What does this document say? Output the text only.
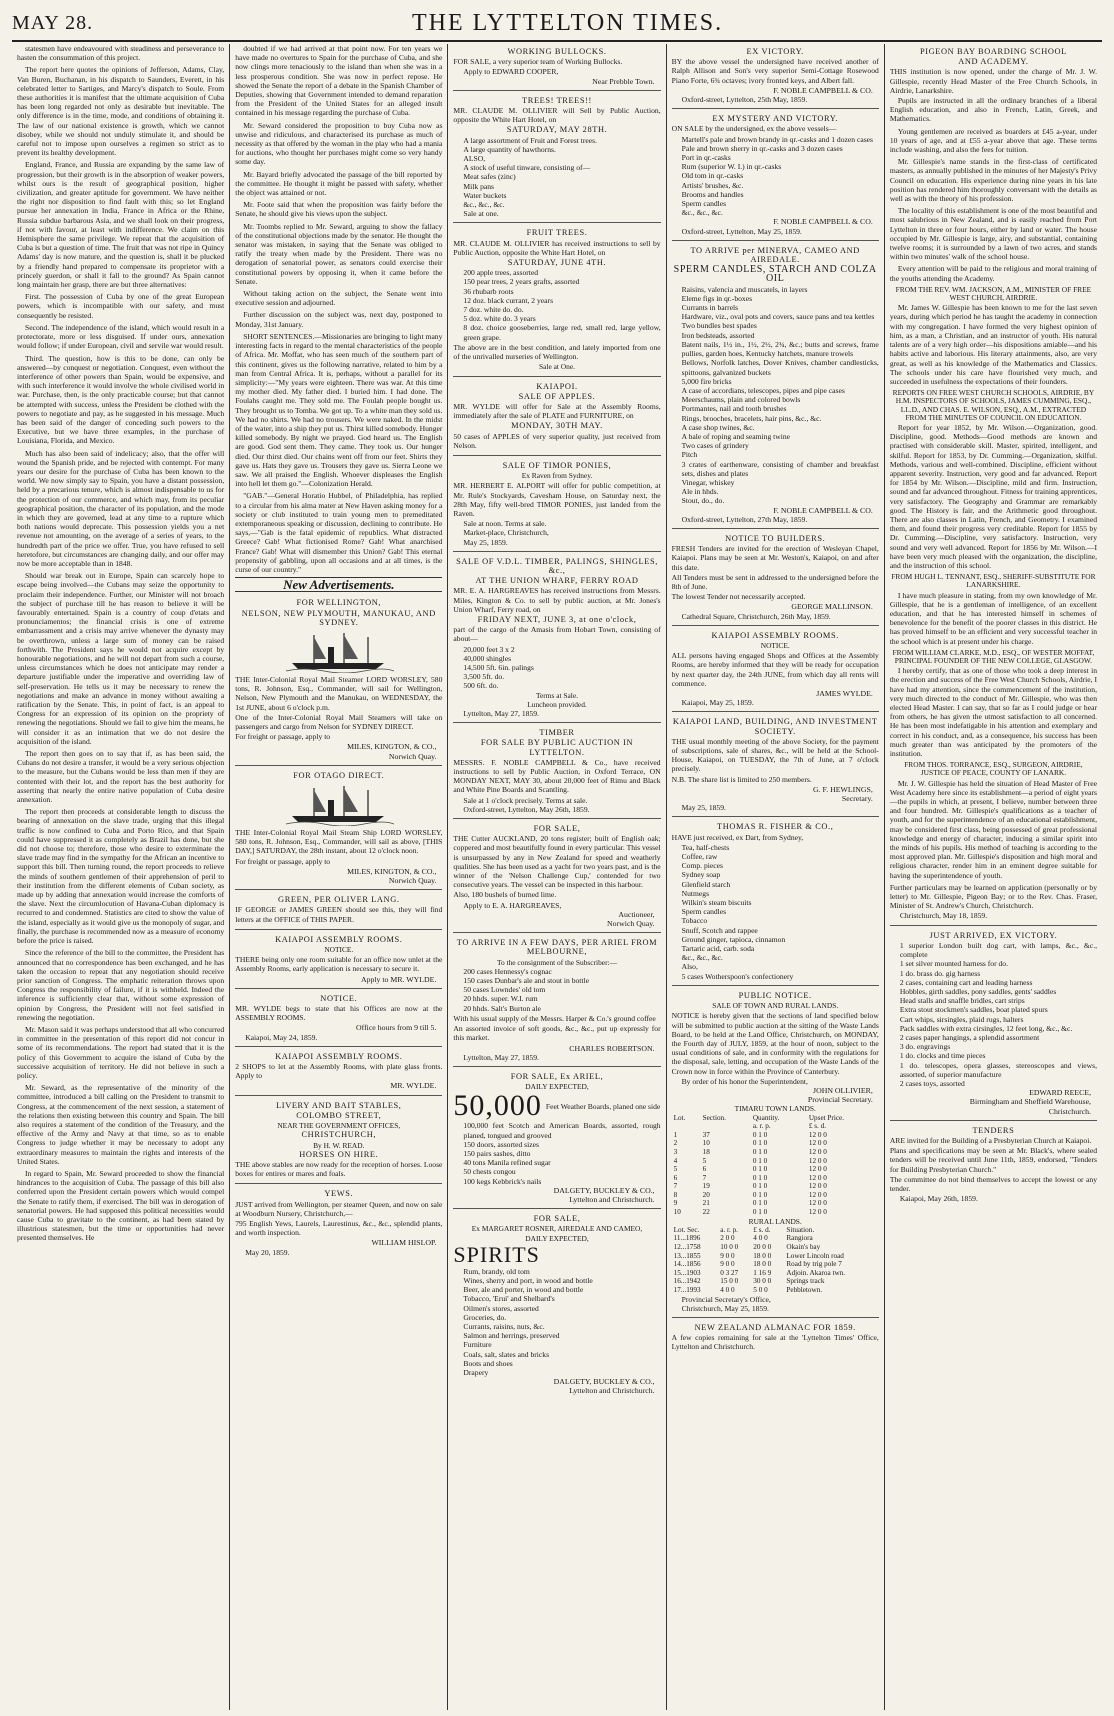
MAY 28.	THE LYTTELTON TIMES.

statesmen have endeavoured with steadiness and perseverance to hasten the consummation of this project.

The report here quotes the opinions of Jefferson, Adams, Clay, Van Buren, Buchanan, in his dispatch to Saunders, Everett, in his celebrated letter to Sartiges, and Marcy's dispatch to Soule. From these authorities it is manifest that the ultimate acquisition of Cuba has been long regarded not only as desirable but inevitable. The only difference is in the time, mode, and conditions of obtaining it. The law of our national existence is growth, which we cannot disobey, while we should not unduly stimulate it, and should be careful not to impose upon ourselves a regimen so strict as to prevent its healthy development.

England, France, and Russia are expanding by the same law of progression, but their growth is in the absorption of weaker powers, whilst ours is the result of geographical position, higher civilization, and greater aptitude for government. We have neither the right nor disposition to find fault with this; so let England pursue her annexation in India, France in Africa or the Rhine, Russia subdue barbarous Asia, and we shall look on their progress, if not with favour, at least with indifference. We claim on this Hemisphere the same privilege. We repeat that the acquisition of Cuba is but a question of time. The fruit that was not ripe in Quincy Adams' day is now mature, and the question is, shall it be plucked by a friendly hand prepared to compensate its proprietor with a princely guerdon, or shall it fall to the ground? As Spain cannot long maintain her grasp, there are but three alternatives:

First. The possession of Cuba by one of the great European powers, which is incompatible with our safety, and must consequently be resisted.

Second. The independence of the island, which would result in a protectorate, more or less disguised. If under ours, annexation would follow; if under European, civil and servile war would result.

Third. The question, how is this to be done, can only be answered—by conquest or negotiation. Conquest, even without the interference of other powers than Spain, would be expensive, and with such interference it would involve the whole civilised world in war. Purchase, then, is the only practicable course; but that cannot be attempted with success, unless the President be clothed with the powers to negotiate and pay, as he suggested in his message. Much has been said of the danger of conceding such powers to the Executive, but we have three examples, in the purchase of Louisiana, Florida, and Mexico.

Much has also been said of indelicacy; also, that the offer will wound the Spanish pride, and be rejected with contempt. For many years our desire for the purchase of Cuba has been known to the world. We now simply say to Spain, you have a distant possession, held by a precarious tenure, which is almost indispensable to us for the protection of our commerce, and which may, from its peculiar geographical position, the character of its population, and the mode in which they are governed, lead at any time to a rupture which both nations would deprecate. This possession yields you a net revenue not amounting, on the average of a series of years, to the hundredth part of the price we offer. True, you have refused to sell heretofore, but circumstances are changing daily, and our offer may now be more acceptable than in 1848.

Should war break out in Europe, Spain can scarcely hope to escape being involved—the Cubans may seize the opportunity to proclaim their independence. Further, our Minister will not broach the subject of purchase till he has reason to believe it will be favourably entertained. Spain is a country of coup d'etats and pronunciamentos; the financial crisis is one of extreme embarrassment and a crisis may arrive whenever the dynasty may be overthrown, unless a large sum of money can be raised forthwith. The President says he would not acquire except by honourable negotiations, and he will not depart from such a course, unless circumstances which he does not anticipate may render a departure justifiable under the imperative and overriding law of self-preservation. He tells us it may be necessary to renew the negotiations and make an advance in money without awaiting a ratification by the Senate. This, in point of fact, is an appeal to Congress for an expression of its opinion on the propriety of renewing the negotiations. Should we fail to give him the means, he will consider it as an intimation that we do not desire the acquisition of the island.

The report then goes on to say that if, as has been said, the Cubans do not desire a transfer, it would be a very serious objection to the measure, but the Cubans would be less than men if they are contented with their lot, and the report has the best authority for asserting that nearly the entire native population of Cuba desire annexation.

The report then proceeds at considerable length to discuss the bearing of annexation on the slave trade, urging that this illegal traffic is now confined to Cuba and Porto Rico, and that Spain could have suppressed it as completely as Brazil has done, but she did not choose to; therefore, those who desire to exterminate the slave trade may find in the sympathy for the African an incentive to support this bill. Then turning round, the report proceeds to relieve the minds of southern gentlemen of their apprehension of peril to their institution from the different elements of Cuban society, as made up by adding that annexation would increase the comforts of the slave. Next the circumlocution of Havana-Cuban diplomacy is recurred to and condemned. Statistics are cited to show the value of the island, especially as it would give us the monopoly of sugar, and finally, the purchase is recommended now as a measure of economy before the price is raised.

Since the reference of the bill to the committee, the President has announced that no correspondence has been exchanged, and he has taken the occasion to repeat that any negotiation should receive prior sanction of Congress. The emphatic reiteration throws upon Congress the responsibility of failure, if it is withheld. Indeed the inference is sufficiently clear that, without some expression of opinion by Congress, the President will not feel satisfied in renewing the negotiation.

Mr. Mason said it was perhaps understood that all who concurred in committee in the presentation of this report did not concur in some of its recommendations. The report had stated that it is the policy of this Government to acquire the island of Cuba by the successive acquisition of territory. He did not believe in such a policy.

Mr. Seward, as the representative of the minority of the committee, introduced a bill calling on the President to transmit to Congress, at the commencement of the next session, a statement of the relations then existing between this country and Spain. The bill also requires a statement of the condition of the Treasury, and the effective of the Army and Navy at that time, so as to enable Congress to judge whether it may be necessary to adopt any extraordinary measures to maintain the rights and interests of the United States.

In regard to Spain, Mr. Seward proceeded to show the financial hindrances to the acquisition of Cuba. The passage of this bill also conferred upon the President certain powers which would compel the Senate to ratify them, if exercised. The bill was in derogation of senatorial powers. He had supposed this political necessities would cause Cuba to gravitate to the continent, as had been stated by illustrious statesmen, but the time or opportunities had never presented themselves. He

doubted if we had arrived at that point now. For ten years we have made no overtures to Spain for the purchase of Cuba, and she now clings more tenaciously to the island than when she was in a less prosperous condition. She was now in perfect repose. He showed the Senate the report of a debate in the Spanish Chamber of Deputies, showing that Government intended to demand reparation from the President of the United States for an alleged insult contained in his message regarding the purchase of Cuba.

Mr. Seward considered the proposition to buy Cuba now as unwise and ridiculous, and characterised its purchase as much of necessity as that offered by the woman in the play who had a mania for auctions, who thought her purchases might come so very handy some day.

Mr. Bayard briefly advocated the passage of the bill reported by the committee. He thought it might be passed with safety, whether the object was attained or not.

Mr. Foote said that when the proposition was fairly before the Senate, he should give his views upon the subject.

Mr. Toombs replied to Mr. Seward, arguing to show the fallacy of the constitutional objections made by the senator. He thought the senator was mistaken, in saying that the Senate was obliged to ratify the treaty when made by the President. There was no derogation of senatorial power, as senators could exercise their constitutional powers by opposing it, when it came before the Senate.

Without taking action on the subject, the Senate went into executive session and adjourned.

Further discussion on the subject was, next day, postponed to Monday, 31st January.

SHORT SENTENCES.—Missionaries are bringing to light many interesting facts in regard to the mental characteristics of the people of Africa. Mr. Moffat, who has seen much of the southern part of this continent, gives us the following narrative, related to him by a man from Central Africa. It is, perhaps, without a parallel for its simplicity:—"My years were eighteen. There was war. At this time my mother died. My father died. I buried him. I had done. The Foulahs caught me. They sold me. The Foulah people bought us. They brought us to Tomba. We got up. To a white man they sold us. We had no shirts. We had no trousers. We were naked. In the midst of the water, into a ship they put us. Thirst killed somebody. Hunger killed somebody. By night we prayed. God heard us. The English are good. God sent them. They came. They took us. Our hunger died. Our thirst died. Our chains went off from our feet. Shirts they gave us. Hats they gave us. Trousers they gave us. Sierra Leone we saw. We all praised the English. Whoever displeases the English into hell let them go."—Colonization Herald.

"GAB."—General Horatio Hubbel, of Philadelphia, has replied to a circular from his alma mater at New Haven asking money for a society or club instituted to train young men to premeditated extemporaneous speaking or discussion, declining to contribute. He says,—"Gab is the fatal epidemic of republics. What distracted Greece? Gab! What fictionised Rome? Gab! What anarchised France? Gab! What will dismember this Union? Gab! This eternal propensity of gabbling, upon all occasions and at all times, is the curse of our country."

New Advertisements.
FOR WELLINGTON,
NELSON, NEW PLYMOUTH, MANUKAU, AND SYDNEY.

THE Inter-Colonial Royal Mail Steamer LORD WORSLEY, 580 tons, R. Johnson, Esq., Commander, will sail for Wellington, Nelson, New Plymouth and the Manukau, on WEDNESDAY, the 1st JUNE, about 6 o'clock p.m.

One of the Inter-Colonial Royal Mail Steamers will take on passengers and cargo from Nelson for SYDNEY DIRECT.

For freight or passage, apply to

MILES, KINGTON, & CO.,
Norwich Quay.
FOR OTAGO DIRECT.

THE Inter-Colonial Royal Mail Steam Ship LORD WORSLEY, 580 tons, R. Johnson, Esq., Commander, will sail as above, [THIS DAY,] SATURDAY, the 28th instant, about 12 o'clock noon.

For freight or passage, apply to

MILES, KINGTON, & CO.,
Norwich Quay.
GREEN, PER OLIVER LANG.

IF GEORGE or JAMES GREEN should see this, they will find letters at the OFFICE of THIS PAPER.

KAIAPOI ASSEMBLY ROOMS.
NOTICE.

THERE being only one room suitable for an office now unlet at the Assembly Rooms, early application is necessary to secure it.

Apply to MR. WYLDE.
NOTICE.

MR. WYLDE begs to state that his Offices are now at the ASSEMBLY ROOMS.

Office hours from 9 till 5.

Kaiapoi, May 24, 1859.

KAIAPOI ASSEMBLY ROOMS.

2 SHOPS to let at the Assembly Rooms, with plate glass fronts. Apply to

MR. WYLDE.
LIVERY AND BAIT STABLES,
COLOMBO STREET,
NEAR THE GOVERNMENT OFFICES,
CHRISTCHURCH,
By H. W. READ.
HORSES ON HIRE.

THE above stables are now ready for the reception of horses. Loose boxes for entires or mares and foals.

YEWS.

JUST arrived from Wellington, per steamer Queen, and now on sale at Woodburn Nursery, Christchurch,—

795 English Yews, Laurels, Laurestinus, &c., &c., splendid plants, and worth inspection.

WILLIAM HISLOP.

May 20, 1859.

WORKING BULLOCKS.

FOR SALE, a very superior team of Working Bullocks.

Apply to EDWARD COOPER,

Near Prebble Town.
TREES! TREES!!

MR. CLAUDE M. OLLIVIER will Sell by Public Auction, opposite the White Hart Hotel, on

SATURDAY, MAY 28TH.

A large assortment of Fruit and Forest trees.

A large quantity of hawthorns.

ALSO,

A stock of useful tinware, consisting of—

Meat safes (zinc)

Milk pans

Water buckets

&c., &c., &c.

Sale at one.

FRUIT TREES.

MR. CLAUDE M. OLLIVIER has received instructions to sell by Public Auction, opposite the White Hart Hotel, on

SATURDAY, JUNE 4TH.

200 apple trees, assorted

150 pear trees, 2 years grafts, assorted

36 rhubarb roots

12 doz. black currant, 2 years

7 doz. white do. do.

5 doz. white do. 3 years

8 doz. choice gooseberries, large red, small red, large yellow, green grape.

The above are in the best condition, and lately imported from one of the unrivalled nurseries of Wellington.

Sale at One.
KAIAPOI.
SALE OF APPLES.

MR. WYLDE will offer for Sale at the Assembly Rooms, immediately after the sale of PLATE and FURNITURE, on

MONDAY, 30TH MAY.

50 cases of APPLES of very superior quality, just received from Nelson.

SALE OF TIMOR PONIES,
Ex Raven from Sydney.

MR. HERBERT E. ALPORT will offer for public competition, at Mr. Rule's Stockyards, Cavesham House, on Saturday next, the 28th May, fifty well-bred TIMOR PONIES, just landed from the Raven.

Sale at noon. Terms at sale.

Market-place, Christchurch,

May 25, 1859.

SALE OF V.D.L. TIMBER, PALINGS, SHINGLES, &c.,
AT THE UNION WHARF, FERRY ROAD

MR. E. A. HARGREAVES has received instructions from Messrs. Miles, Kington & Co. to sell by public auction, at Mr. Jones's Union Wharf, Ferry road, on

FRIDAY NEXT, JUNE 3, at one o'clock,

part of the cargo of the Amasis from Hobart Town, consisting of about—

20,000 feet 3 x 2

40,000 shingles

14,500 5ft. 6in. palings

3,500 5ft. do.

500 6ft. do.

Terms at Sale.
Luncheon provided.

Lyttelton, May 27, 1859.

TIMBER
FOR SALE BY PUBLIC AUCTION IN LYTTELTON.

MESSRS. F. NOBLE CAMPBELL & Co., have received instructions to sell by Public Auction, in Oxford Terrace, ON MONDAY NEXT, MAY 30, about 20,000 feet of Rimu and Black and White Pine Boards and Scantling.

Sale at 1 o'clock precisely. Terms at sale.

Oxford-street, Lyttelton, May 26th, 1859.

FOR SALE,

THE Cutter AUCKLAND, 20 tons register; built of English oak; coppered and most beautifully found in every particular. This vessel is unsurpassed by any in New Zealand for speed and weatherly qualities. She has been used as a yacht for two years past, and is the winner of the 'Nelson Challenge Cup,' contended for two consecutive years. The vessel can be inspected in this harbour.

Also, 180 bushels of burned lime.

Apply to E. A. HARGREAVES,

Auctioneer,
Norwich Quay.
TO ARRIVE IN A FEW DAYS, PER ARIEL FROM MELBOURNE,
To the consignment of the Subscriber:—

200 cases Hennessy's cognac

150 cases Dunbar's ale and stout in bottle

50 cases Lowndes' old tom

20 hhds. super. W.I. rum

20 hhds. Salt's Burton ale

With his usual supply of the Messrs. Harper & Co.'s ground coffee

An assorted invoice of soft goods, &c., &c., put up expressly for this market.

CHARLES ROBERTSON.

Lyttelton, May 27, 1859.

FOR SALE, Ex ARIEL,
DAILY EXPECTED,
50,000 Feet Weather Boards, planed one side

100,000 feet Scotch and American Boards, assorted, rough planed, tongued and grooved

150 doors, assorted sizes

150 pairs sashes, ditto

40 tons Manila refined sugar

50 chests congou

100 kegs Kebbrick's nails

DALGETY, BUCKLEY & CO.,
Lyttelton and Christchurch.
FOR SALE,
Ex MARGARET ROSNER, AIREDALE AND CAMEO,
DAILY EXPECTED,
SPIRITS

Rum, brandy, old tom

Wines, sherry and port, in wood and bottle

Beer, ale and porter, in wood and bottle

Tobacco, 'Erui' and Shelbard's

Oilmen's stores, assorted

Groceries, do.

Currants, raisins, nuts, &c.

Salmon and herrings, preserved

Furniture

Coals, salt, slates and bricks

Boots and shoes

Drapery

DALGETY, BUCKLEY & CO.,
Lyttelton and Christchurch.
EX VICTORY.

BY the above vessel the undersigned have received another of Ralph Allison and Son's very superior Semi-Cottage Rosewood Piano Forte, 6¾ octaves; ivory fronted keys, and Albert fall.

F. NOBLE CAMPBELL & CO.

Oxford-street, Lyttelton, 25th May, 1859.

EX MYSTERY AND VICTORY.

ON SALE by the undersigned, ex the above vessels—

Martell's pale and brown brandy in qr.-casks and 1 dozen cases

Pale and brown sherry in qr.-casks and 3 dozen cases

Port in qr.-casks

Rum (superior W. I.) in qr.-casks

Old tom in qr.-casks

Artists' brushes, &c.

Brooms and handles

Sperm candles

&c., &c., &c.

F. NOBLE CAMPBELL & CO.

Oxford-street, Lyttelton, May 25, 1859.

TO ARRIVE per MINERVA, CAMEO AND AIREDALE.
SPERM CANDLES, STARCH AND COLZA OIL

Raisins, valencia and muscatels, in layers

Eleme figs in qr.-boxes

Currants in barrels

Hardware, viz., oval pots and covers, sauce pans and tea kettles

Two bundles best spades

Iron bedsteads, assorted

Batent nails, 1½ in., 1½, 2½, 2¾, &c.; butts and screws, frame pullies, garden hoes, Kentucky hatchets, manure trowels

Bellows, Norfolk latches, Dover Knives, chamber candlesticks, spittoons, galvanized buckets

5,000 fire bricks

A case of accordians, telescopes, pipes and pipe cases

Meerschaums, plain and colored bowls

Portmantes, nail and tooth brushes

Rings, brooches, bracelets, hair pins, &c., &c.

A case shop twines, &c.

A bale of roping and seaming twine

Two cases of grindery

Pitch

3 crates of earthenware, consisting of chamber and breakfast sets, dishes and plates

Vinegar, whiskey

Ale in hhds.

Stout, do., do.

F. NOBLE CAMPBELL & CO.

Oxford-street, Lyttelton, 27th May, 1859.

NOTICE TO BUILDERS.

FRESH Tenders are invited for the erection of Wesleyan Chapel, Kaiapoi. Plans may be seen at Mr. Weston's, Kaiapoi, on and after this date.

All Tenders must be sent in addressed to the undersigned before the 8th of June.

The lowest Tender not necessarily accepted.

GEORGE MALLINSON.

Cathedral Square, Christchurch, 26th May, 1859.

KAIAPOI ASSEMBLY ROOMS.
NOTICE.

ALL persons having engaged Shops and Offices at the Assembly Rooms, are hereby informed that they will be ready for occupation by next quarter day, the 24th JUNE, from which day all rents will commence.

JAMES WYLDE.

Kaiapoi, May 25, 1859.

KAIAPOI LAND, BUILDING, AND INVESTMENT SOCIETY.

THE usual monthly meeting of the above Society, for the payment of subscriptions, sale of shares, &c., will be held at the School-House, Kaiapoi, on TUESDAY, the 7th of June, at 7 o'clock precisely.

N.B. The share list is limited to 250 members.

G. F. HEWLINGS,
Secretary.

May 25, 1859.

THOMAS R. FISHER & CO.,

HAVE just received, ex Dart, from Sydney,

Tea, half-chests

Coffee, raw

Comp. pieces

Sydney soap

Glenfield starch

Nutmegs

Wilkin's steam biscuits

Sperm candles

Tobacco

Snuff, Scotch and rappee

Ground ginger, tapioca, cinnamon

Tartaric acid, carb. soda

&c., &c., &c.

Also,

5 cases Wotherspoon's confectionery

PUBLIC NOTICE.
SALE OF TOWN AND RURAL LANDS.

NOTICE is hereby given that the sections of land specified below will be submitted to public auction at the sitting of the Waste Lands Board, to be held at the Land Office, Christchurch, on MONDAY, the Fourth day of JULY, 1859, at the hour of noon, subject to the usual conditions of sale, and in conformity with the regulations for the disposal, sale, letting, and occupation of the Waste Lands of the Crown now in force within the Province of Canterbury.

By order of his honor the Superintendent,

JOHN OLLIVIER,
Provincial Secretary.
TIMARU TOWN LANDS.
Lot.	Section.	Quantity.	Upset Price.
		a. r. p.	£ s. d.
1	37	0 1 0	12 0 0
2	10	0 1 0	12 0 0
3	18	0 1 0	12 0 0
4	5	0 1 0	12 0 0
5	6	0 1 0	12 0 0
6	7	0 1 0	12 0 0
7	19	0 1 0	12 0 0
8	20	0 1 0	12 0 0
9	21	0 1 0	12 0 0
10	22	0 1 0	12 0 0
RURAL LANDS.
Lot. Sec.	a. r. p.	£ s. d.	Situation.
11...1896	2 0 0	4 0 0	Rangiora
12...1758	10 0 0	20 0 0	Okain's bay
13...1855	9 0 0	18 0 0	Lower Lincoln road
14...1856	9 0 0	18 0 0	Road by trig pole 7
15...1903	0 3 27	1 16 9	Adjoin. Akaroa twn.
16...1942	15 0 0	30 0 0	Springs track
17...1993	4 0 0	5 0 0	Pebbletown.

Provincial Secretary's Office,

Christchurch, May 25, 1859.

NEW ZEALAND ALMANAC FOR 1859.

A few copies remaining for sale at the 'Lyttelton Times' Office, Lyttelton and Christchurch.

PIGEON BAY BOARDING SCHOOL
AND ACADEMY.

THIS institution is now opened, under the charge of Mr. J. W. Gillespie, recently Head Master of the Free Church Schools, in Airdrie, Lanarkshire.

Pupils are instructed in all the ordinary branches of a liberal English education, and also in French, Latin, Greek, and Mathematics.

Young gentlemen are received as boarders at £45 a-year, under 10 years of age, and at £55 a-year above that age. These terms include washing, and also the fees for tuition.

Mr. Gillespie's name stands in the first-class of certificated masters, as annually published in the minutes of her Majesty's Privy Council on education. His experience during nine years in his late position has rendered him thoroughly conversant with the details as well as with the theory of his profession.

The locality of this establishment is one of the most beautiful and most salubrious in New Zealand, and is easily reached from Port Lyttelton in three or four hours, either by land or water. The house occupied by Mr. Gillespie is large, airy, and substantial, containing twelve rooms; it is surrounded by a lawn of two acres, and stands within two minutes' walk of the school house.

Every attention will be paid to the religious and moral training of the youths attending the Academy.

FROM THE REV. WM. JACKSON, A.M., MINISTER OF FREE WEST CHURCH, AIRDRIE.

Mr. James W. Gillespie has been known to me for the last seven years, during which period he has taught the academy in connection with my congregation. I have formed the very highest opinion of him, as a man, a Christian, and an instructor of youth. His natural talents are of a very high order—his dispositions amiable—and his habits active and laborious. His literary attainments, also, are very great, as well as his knowledge of the Mathematics and Classics. The schools under his care have flourished very much, and succeeded in usefulness the expectations of their founders.

REPORTS ON FREE WEST CHURCH SCHOOLS, AIRDRIE, BY H.M. INSPECTORS OF SCHOOLS, JAMES CUMMING, ESQ., LL.D., AND CHAS. E. WILSON, ESQ., A.M., EXTRACTED FROM THE MINUTES OF COUNCIL ON EDUCATION.

Report for year 1852, by Mr. Wilson.—Organization, good. Discipline, good. Methods—Good methods are known and practised with considerable skill. Master, spirited, intelligent, and skilful. Report for 1853, by Dr. Cumming.—Organization, skilful. Methods, various and well-combined. Discipline, efficient without apparent severity. Instruction, very good and far advanced. Report for 1854 by Mr. Wilson.—Discipline, mild and firm. Instruction, sound and far advanced throughout. Fitness for training apprentices, very satisfactory. The Geography and Grammar are remarkably good. The History is fair, and the Arithmetic good throughout. There are also classes in Latin, French, and Geometry. I examined them, and found their progress very creditable. Report for 1855 by Dr. Cumming.—Discipline, very satisfactory. Instruction, very sound and very well advanced. Report for 1856 by Mr. Wilson.—I have been very much pleased with the organization, the discipline, and the instruction of this school.

FROM HUGH L. TENNANT, ESQ., SHERIFF-SUBSTITUTE FOR LANARKSHIRE.

I have much pleasure in stating, from my own knowledge of Mr. Gillespie, that he is a gentleman of intelligence, of an excellent education, and that he has interested himself in schemes of benevolence for the benefit of the poorer classes in this district. He has proved himself to be an efficient and very successful teacher in the school which is at present under his charge.

FROM WILLIAM CLARKE, M.D., ESQ., OF WESTER MOFFAT, PRINCIPAL FOUNDER OF THE NEW COLLEGE, GLASGOW.

I hereby certify, that as one of those who took a deep interest in the erection and success of the Free West Church Schools, Airdrie, I have had my attention, since the commencement of the institution, very much directed to the conduct of Mr. Gillespie, who was then elected Head Master. I can say, that so far as I could judge or hear from others, he has given the utmost satisfaction to all concerned. He has been most indefatigable in his attention and exemplary and correct in his conduct, and, as a consequence, his success has been much greater than was anticipated by the promoters of the institution.

FROM THOS. TORRANCE, ESQ., SURGEON, AIRDRIE, JUSTICE OF PEACE, COUNTY OF LANARK.

Mr. J. W. Gillespie has held the situation of Head Master of Free West Academy here since its establishment—a period of eight years—the pupils in which, at present, I believe, number between three and four hundred. Mr. Gillespie's qualifications as a teacher of youth, and for the superintendence of an educational establishment, may be considered first class, being possessed of great professional knowledge and energy of character, inducing a similar spirit into the minds of his pupils. His method of teaching is according to the most approved plan. Mr. Gillespie's disposition and high moral and religious character, render him in an eminent degree suitable for having the superintendence of youth.

Further particulars may be learned on application (personally or by letter) to Mr. Gillespie, Pigeon Bay; or to the Rev. Chas. Fraser, Minister of St. Andrew's Church, Christchurch.

Christchurch, May 18, 1859.

JUST ARRIVED, EX VICTORY.

1 superior London built dog cart, with lamps, &c., &c., complete

1 set silver mounted harness for do.

1 do. brass do. gig harness

2 cases, containing cart and leading harness

Hobbles, girth saddles, pony saddles, gents' saddles

Head stalls and snaffle bridles, cart strips

Extra stout stockmen's saddles, boat plated spurs

Cart whips, sirsingles, plaid rugs, halters

Pack saddles with extra cirsingles, 12 feet long, &c., &c.

2 cases paper hangings, a splendid assortment

3 do. engravings

1 do. clocks and time pieces

1 do. telescopes, opera glasses, stereoscopes and views, assorted, of superior manufacture

2 cases toys, assorted

EDWARD REECE,
Birmingham and Sheffield Warehouse,
Christchurch.
TENDERS

ARE invited for the Building of a Presbyterian Church at Kaiapoi.

Plans and specifications may be seen at Mr. Black's, where sealed tenders will be received until June 11th, 1859, endorsed, "Tenders for Building Presbyterian Church."

The committee do not bind themselves to accept the lowest or any tender.

Kaiapoi, May 26th, 1859.
